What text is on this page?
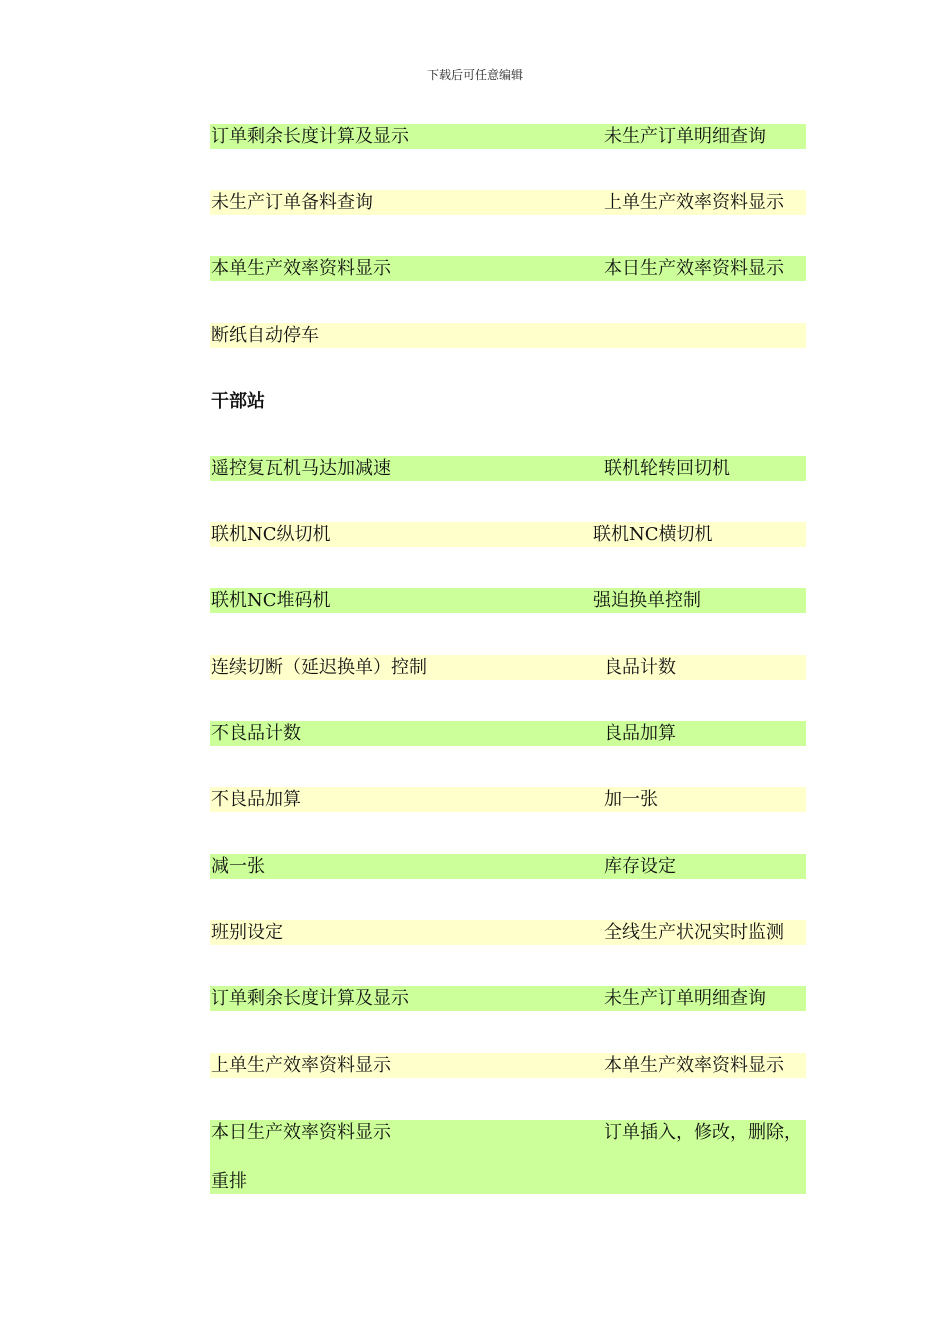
下载后可任意编辑
订单剩余长度计算及显示	未生产订单明细查询
未生产订单备料查询	上单生产效率资料显示
本单生产效率资料显示	本日生产效率资料显示
断纸自动停车
干部站
遥控复瓦机马达加减速	联机轮转回切机
联机NC纵切机	联机NC横切机
联机NC堆码机	强迫换单控制
连续切断（延迟换单）控制	良品计数
不良品计数	良品加算
不良品加算	加一张
减一张	库存设定
班别设定	全线生产状况实时监测
订单剩余长度计算及显示	未生产订单明细查询
上单生产效率资料显示	本单生产效率资料显示
本日生产效率资料显示	订单插入，修改，删除，
重排
